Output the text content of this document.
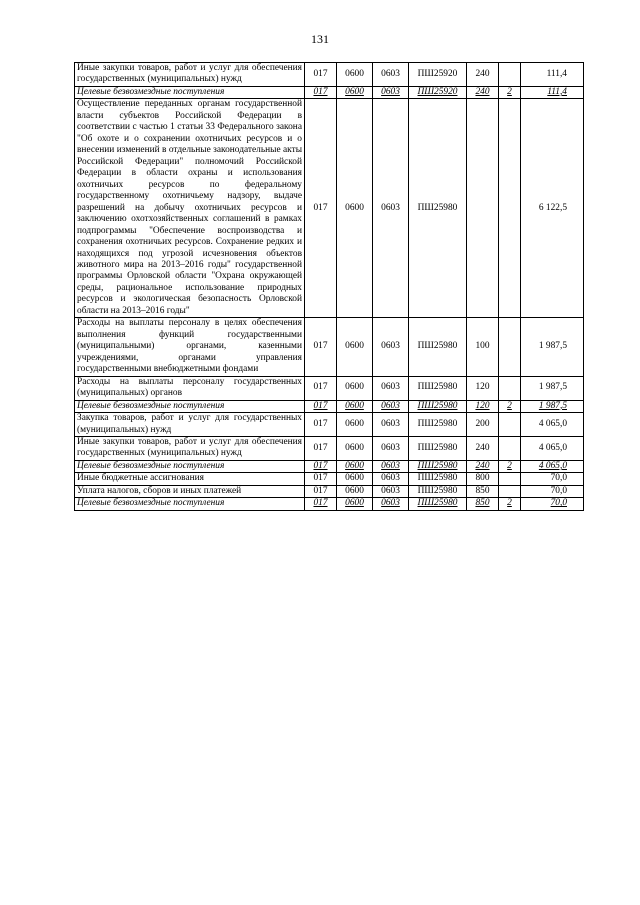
131
Иные закупки товаров, работ и услуг для обеспечения государственных (муниципальных) нужд	017	0600	0603	ПШ25920	240		111,4
Целевые безвозмездные поступления	017	0600	0603	ПШ25920	240	2	111,4
Осуществление переданных органам государственной власти субъектов Российской Федерации в соответствии с частью 1 статьи 33 Федерального закона "Об охоте и о сохранении охотничьих ресурсов и о внесении изменений в отдельные законодательные акты Российской Федерации" полномочий Российской Федерации в области охраны и использования охотничьих ресурсов по федеральному государственному охотничьему надзору, выдаче разрешений на добычу охотничьих ресурсов и заключению охотхозяйственных соглашений в рамках подпрограммы "Обеспечение воспроизводства и сохранения охотничьих ресурсов. Сохранение редких и находящихся под угрозой исчезновения объектов животного мира на 2013–2016 годы" государственной программы Орловской области "Охрана окружающей среды, рациональное использование природных ресурсов и экологическая безопасность Орловской области на 2013–2016 годы"	017	0600	0603	ПШ25980			6 122,5
Расходы на выплаты персоналу в целях обеспечения выполнения функций государственными (муниципальными) органами, казенными учреждениями, органами управления государственными внебюджетными фондами	017	0600	0603	ПШ25980	100		1 987,5
Расходы на выплаты персоналу государственных (муниципальных) органов	017	0600	0603	ПШ25980	120		1 987,5
Целевые безвозмездные поступления	017	0600	0603	ПШ25980	120	2	1 987,5
Закупка товаров, работ и услуг для государственных (муниципальных) нужд	017	0600	0603	ПШ25980	200		4 065,0
Иные закупки товаров, работ и услуг для обеспечения государственных (муниципальных) нужд	017	0600	0603	ПШ25980	240		4 065,0
Целевые безвозмездные поступления	017	0600	0603	ПШ25980	240	2	4 065,0
Иные бюджетные ассигнования	017	0600	0603	ПШ25980	800		70,0
Уплата налогов, сборов и иных платежей	017	0600	0603	ПШ25980	850		70,0
Целевые безвозмездные поступления	017	0600	0603	ПШ25980	850	2	70,0
